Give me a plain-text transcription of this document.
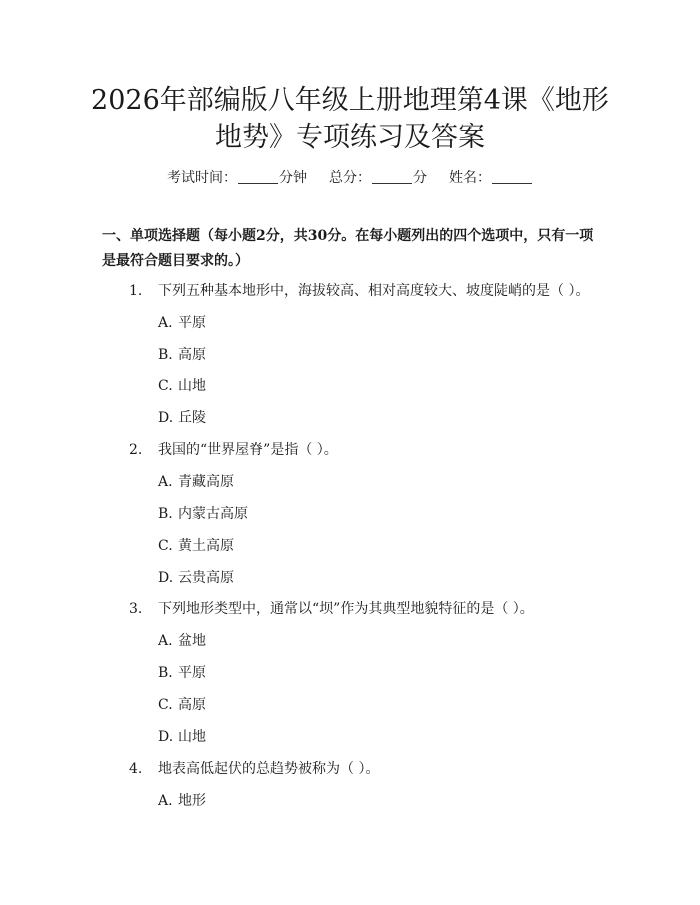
2026年部编版八年级上册地理第4课《地形
地势》专项练习及答案
考试时间：	分钟 总分：	分 姓名：

一、单项选择题（每小题2分，共30分。在每小题列出的四个选项中，只有一项是最符合题目要求的。）

1. 下列五种基本地形中，海拔较高、相对高度较大、坡度陡峭的是（ ）。
A. 平原
B. 高原
C. 山地
D. 丘陵
2. 我国的“世界屋脊”是指（ ）。
A. 青藏高原
B. 内蒙古高原
C. 黄土高原
D. 云贵高原
3. 下列地形类型中，通常以“坝”作为其典型地貌特征的是（ ）。
A. 盆地
B. 平原
C. 高原
D. 山地
4. 地表高低起伏的总趋势被称为（ ）。
A. 地形
